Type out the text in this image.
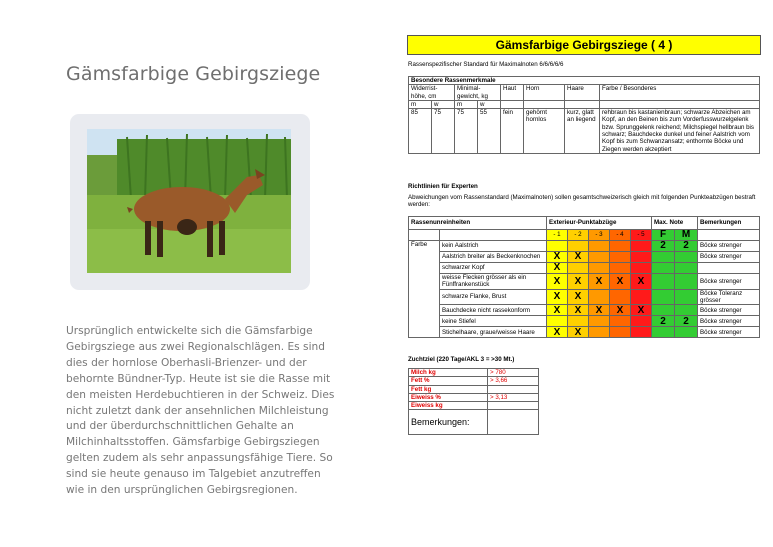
Gämsfarbige Gebirgsziege

Ursprünglich entwickelte sich die Gämsfarbige Gebirgsziege aus zwei Regionalschlägen. Es sind dies der hornlose Oberhasli-Brienzer- und der behornte Bündner-Typ. Heute ist sie die Rasse mit den meisten Herdebuchtieren in der Schweiz. Dies nicht zuletzt dank der ansehnlichen Milchleistung und der überdurchschnittlichen Gehalte an Milchinhaltsstoffen. Gämsfarbige Gebirgsziegen gelten zudem als sehr anpassungsfähige Tiere. So sind sie heute genauso im Talgebiet anzutreffen wie in den ursprünglichen Gebirgsregionen.

Gämsfarbige Gebirgsziege ( 4 )
Rassenspezifischer Standard für Maximalnoten 6/6/6/6/6
Besondere Rassenmerkmale							
Widerrist-höhe, cm		Minimal-gewicht, kg		Haut	Horn	Haare	Farbe / Besonderes
m	w	m	w				
85	75	75	55	fein	gehörnt hornlos	kurz, glatt an liegend	rehbraun bis kastanienbraun; schwarze Abzeichen am Kopf, an den Beinen bis zum Vorderfusswurzelgelenk bzw. Sprunggelenk reichend; Milchspiegel hellbraun bis schwarz; Bauchdecke dunkel und feiner Aalstrich vom Kopf bis zum Schwanzansatz; enthornte Böcke und Ziegen werden akzeptiert
Richtlinien für Experten
Abweichungen vom Rassenstandard (Maximalnoten) sollen gesamtschweizerisch gleich mit folgenden Punkteabzügen bestraft werden:
Rassenunreinheiten		Exterieur-Punktabzüge					Max. Note		Bemerkungen
		- 1	- 2	- 3	- 4	- 5	F	M	
Farbe	kein Aalstrich						2	2	Böcke strenger
	Aalstrich breiter als Beckenknochen	X	X						Böcke strenger
	schwarzer Kopf	X							
	weisse Flecken grösser als ein Fünffrankenstück	X	X	X	X	X			Böcke strenger
	schwarze Flanke, Brust	X	X						Böcke Toleranz grösser
	Bauchdecke nicht rassekonform	X	X	X	X	X			Böcke strenger
	keine Stiefel						2	2	Böcke strenger
	Stichelhaare, graue/weisse Haare	X	X						Böcke strenger
Zuchtziel (220 Tage/AKL 3 = >30 Mt.)
Milch kg	> 780
Fett %	> 3,66
Fett kg	
Eiweiss %	> 3,13
Eiweiss kg	
Bemerkungen:	
